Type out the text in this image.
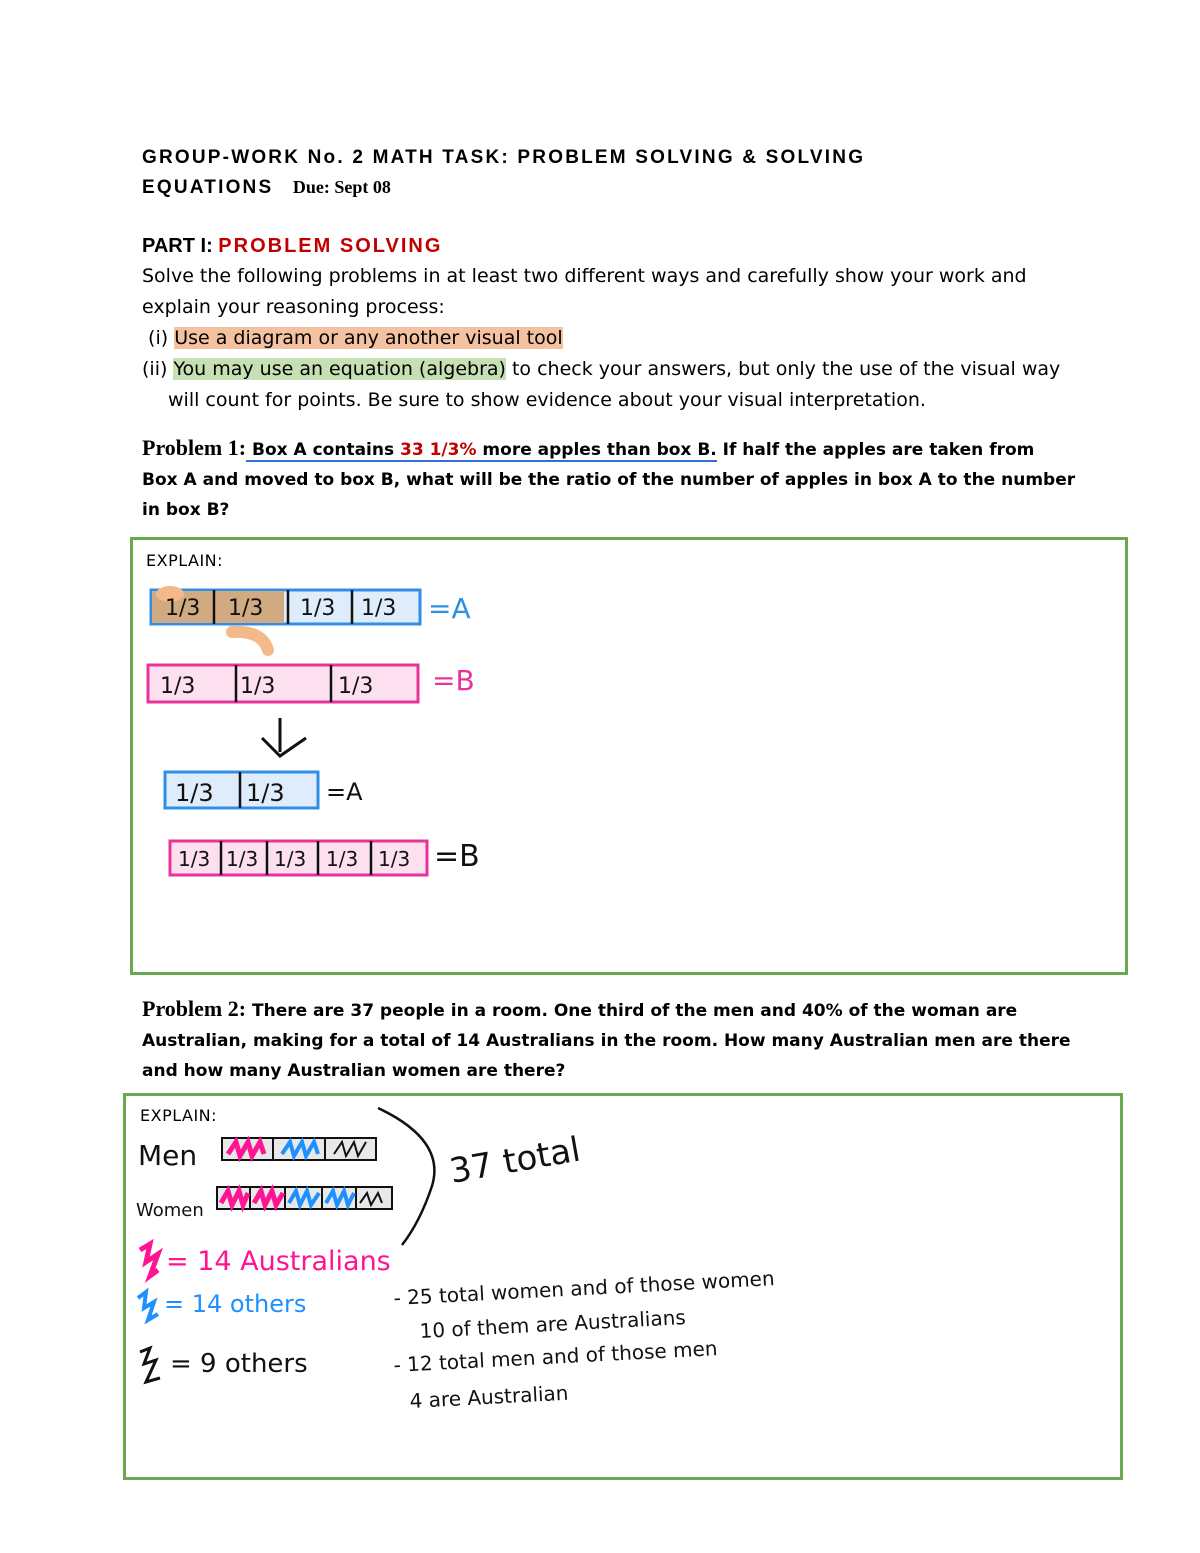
GROUP-WORK No. 2 MATH TASK: PROBLEM SOLVING & SOLVING
EQUATIONS Due: Sept 08
PART I: PROBLEM SOLVING
Solve the following problems in at least two different ways and carefully show your work and
explain your reasoning process:
(i) Use a diagram or any another visual tool
(ii) You may use an equation (algebra) to check your answers, but only the use of the visual way
will count for points. Be sure to show evidence about your visual interpretation.
Problem 1: Box A contains 33 1/3% more apples than box B. If half the apples are taken from
Box A and moved to box B, what will be the ratio of the number of apples in box A to the number
in box B?
EXPLAIN:
1/3 1/3 1/3 1/3 =A
1/3 1/3	1/3 =B
1/3 1/3 =A
1/3 1/3 1/3 1/3 1/3 =B
Problem 2: There are 37 people in a room. One third of the men and 40% of the woman are
Australian, making for a total of 14 Australians in the room. How many Australian men are there
and how many Australian women are there?
EXPLAIN:
Men
Women
37 total
= 14 Australians
= 14 others
= 9 others
- 25 total women and of those women
10 of them are Australians
- 12 total men and of those men
4 are Australian
